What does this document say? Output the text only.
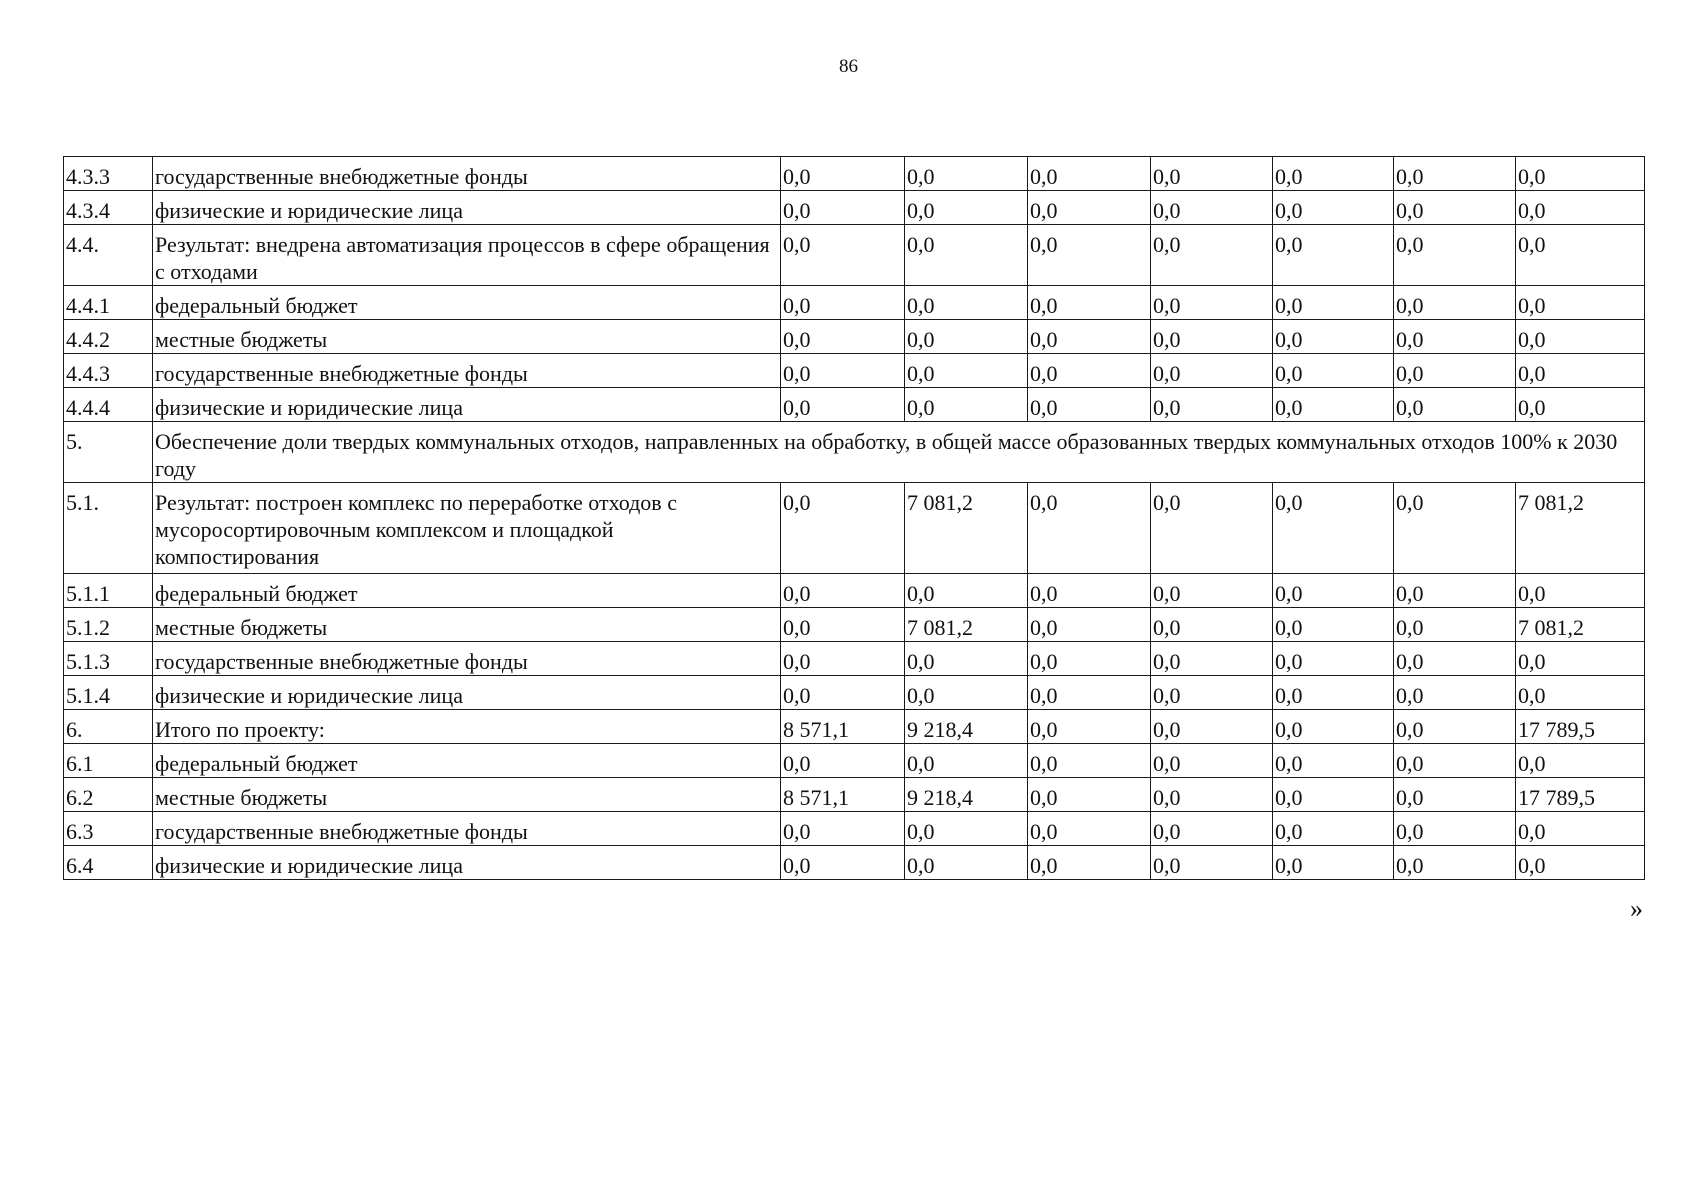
86
4.3.3	государственные внебюджетные фонды	0,0	0,0	0,0	0,0	0,0	0,0	0,0
4.3.4	физические и юридические лица	0,0	0,0	0,0	0,0	0,0	0,0	0,0
4.4.	Результат: внедрена автоматизация процессов в сфере обращения с отходами	0,0	0,0	0,0	0,0	0,0	0,0	0,0
4.4.1	федеральный бюджет	0,0	0,0	0,0	0,0	0,0	0,0	0,0
4.4.2	местные бюджеты	0,0	0,0	0,0	0,0	0,0	0,0	0,0
4.4.3	государственные внебюджетные фонды	0,0	0,0	0,0	0,0	0,0	0,0	0,0
4.4.4	физические и юридические лица	0,0	0,0	0,0	0,0	0,0	0,0	0,0
5.	Обеспечение доли твердых коммунальных отходов, направленных на обработку, в общей массе образованных твердых коммунальных отходов 100% к 2030 году							
5.1.	Результат: построен комплекс по переработке отходов с мусоросортировочным комплексом и площадкой компостирования	0,0	7 081,2	0,0	0,0	0,0	0,0	7 081,2
5.1.1	федеральный бюджет	0,0	0,0	0,0	0,0	0,0	0,0	0,0
5.1.2	местные бюджеты	0,0	7 081,2	0,0	0,0	0,0	0,0	7 081,2
5.1.3	государственные внебюджетные фонды	0,0	0,0	0,0	0,0	0,0	0,0	0,0
5.1.4	физические и юридические лица	0,0	0,0	0,0	0,0	0,0	0,0	0,0
6.	Итого по проекту:	8 571,1	9 218,4	0,0	0,0	0,0	0,0	17 789,5
6.1	федеральный бюджет	0,0	0,0	0,0	0,0	0,0	0,0	0,0
6.2	местные бюджеты	8 571,1	9 218,4	0,0	0,0	0,0	0,0	17 789,5
6.3	государственные внебюджетные фонды	0,0	0,0	0,0	0,0	0,0	0,0	0,0
6.4	физические и юридические лица	0,0	0,0	0,0	0,0	0,0	0,0	0,0
»
